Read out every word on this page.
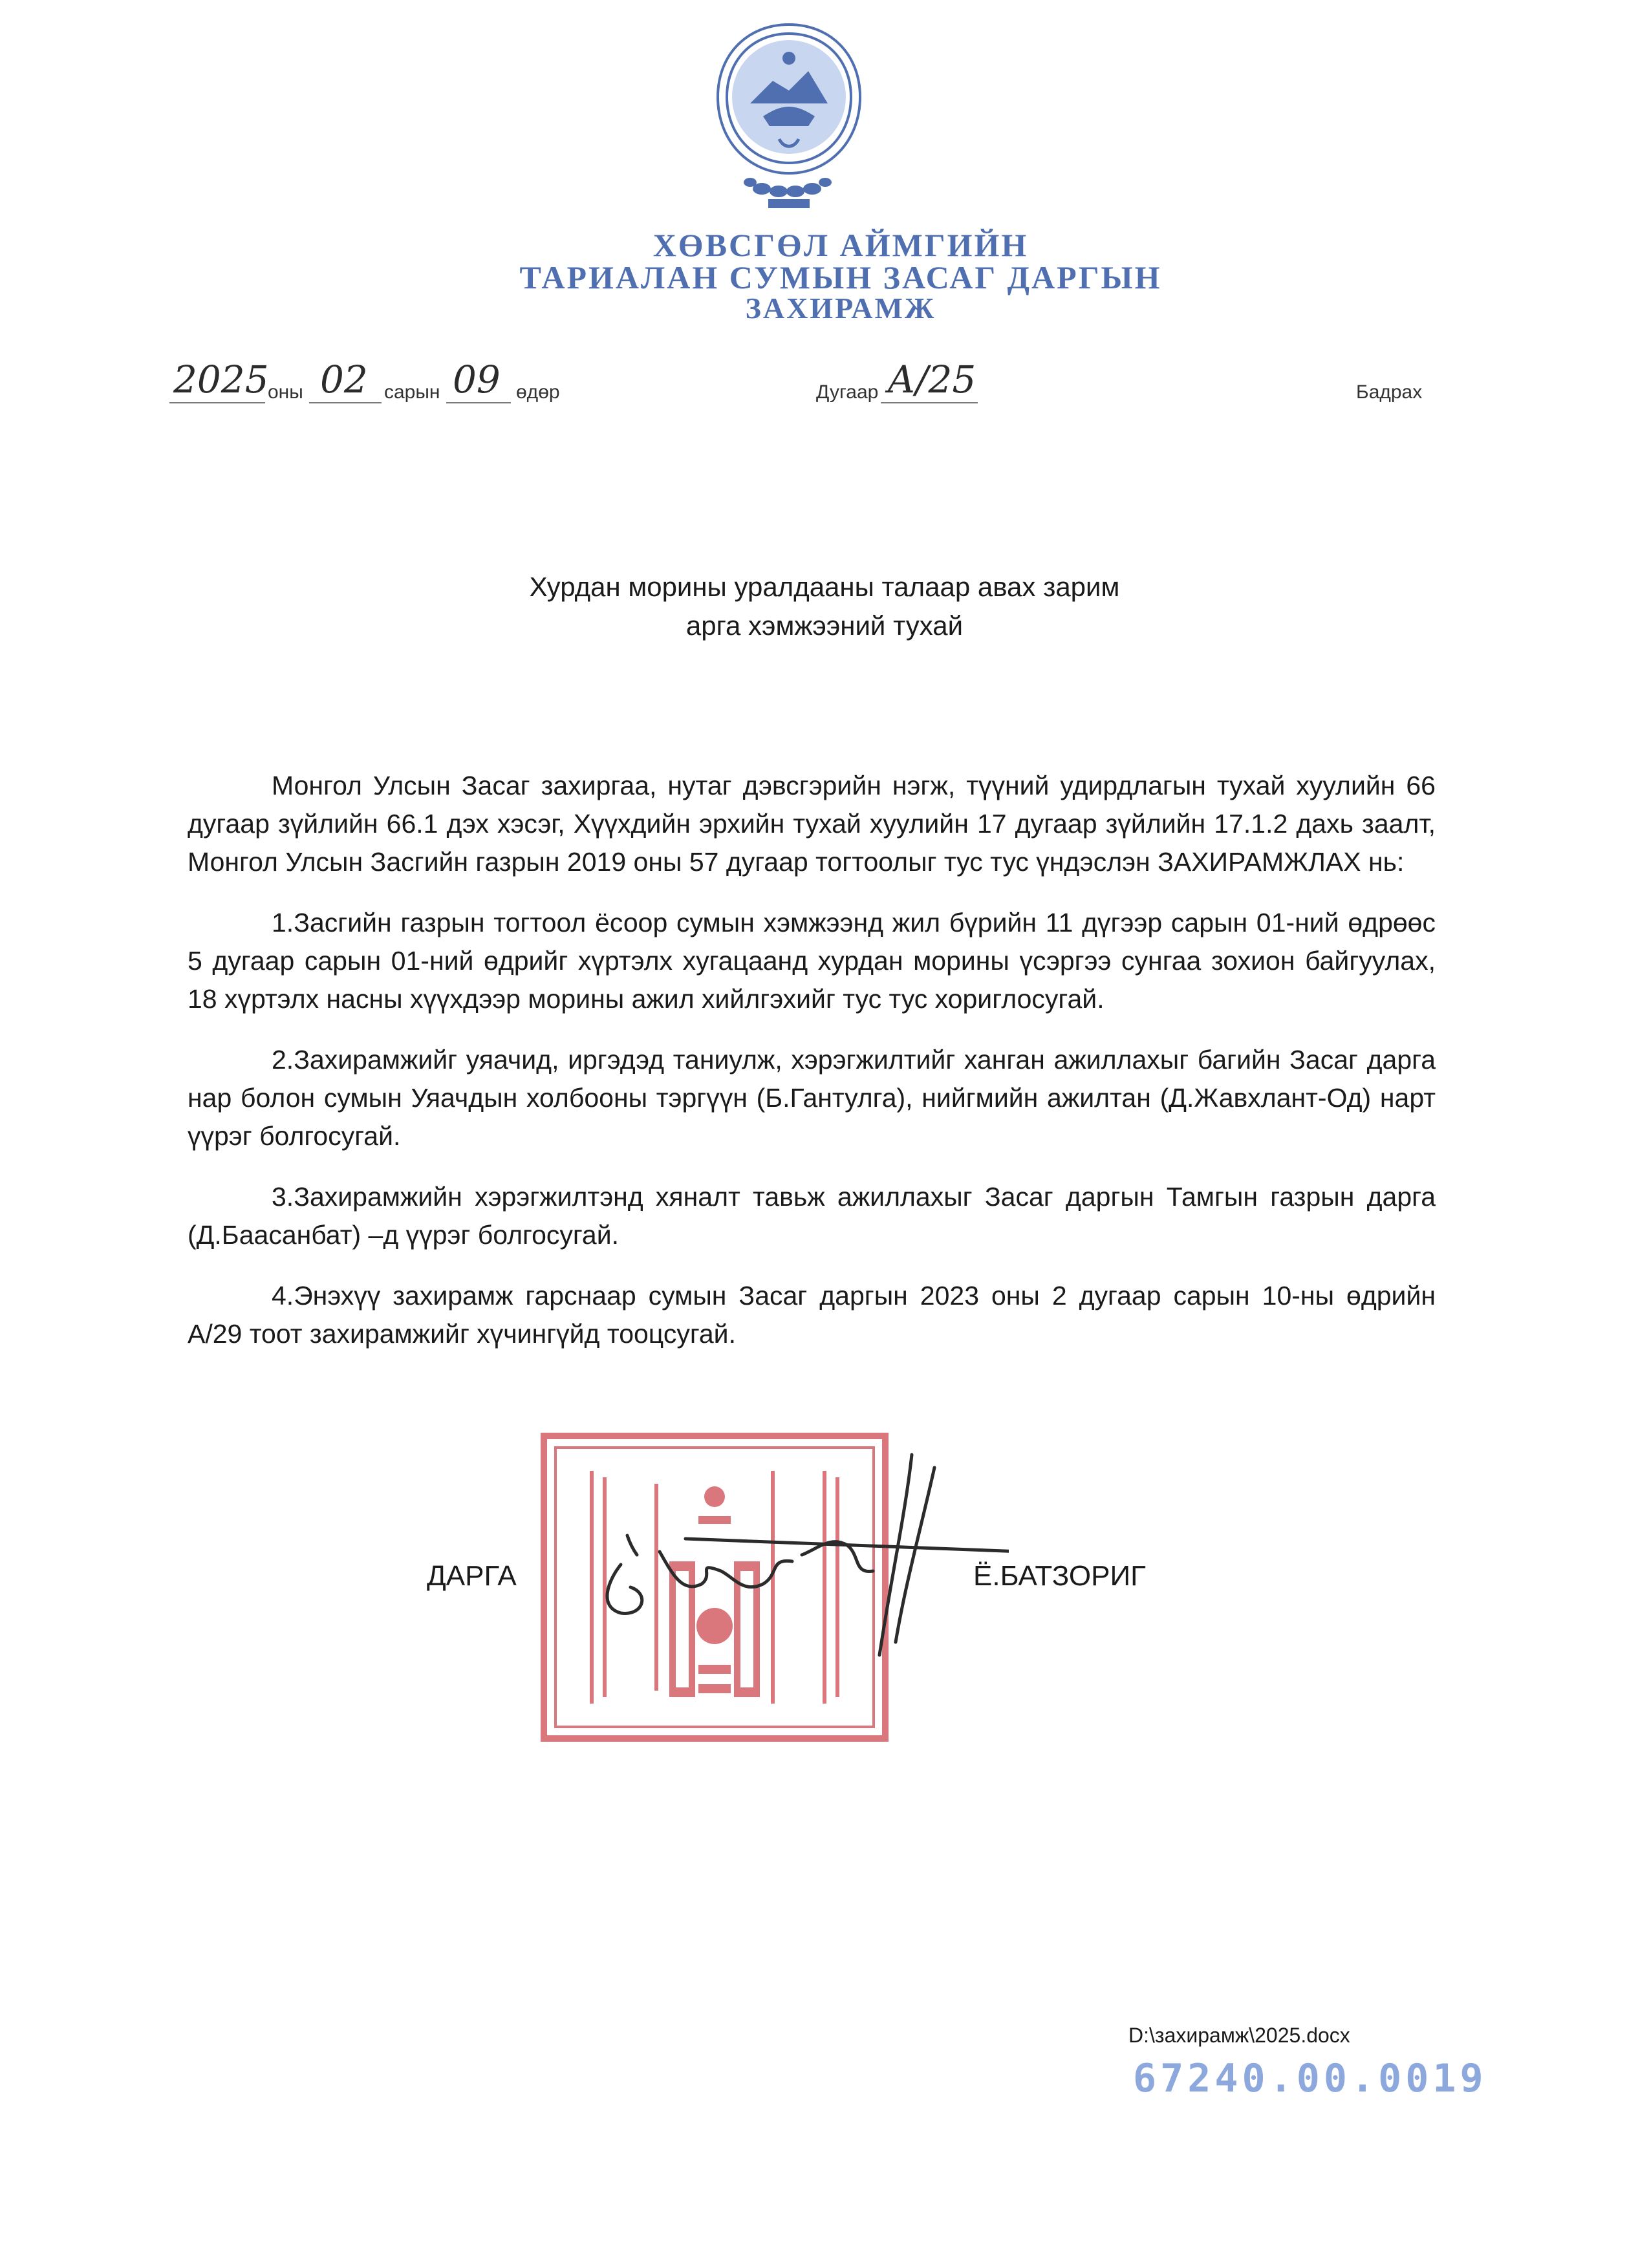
ХӨВСГӨЛ АЙМГИЙН
ТАРИАЛАН СУМЫН ЗАСАГ ДАРГЫН
ЗАХИРАМЖ
2025
оны 02 сарын 09 өдөр	Дугаар А/25	Бадрах
Хурдан морины уралдааны талаар авах зарим
арга хэмжээний тухай

Монгол Улсын Засаг захиргаа, нутаг дэвсгэрийн нэгж, түүний удирдлагын тухай хуулийн 66 дугаар зүйлийн 66.1 дэх хэсэг, Хүүхдийн эрхийн тухай хуулийн 17 дугаар зүйлийн 17.1.2 дахь заалт, Монгол Улсын Засгийн газрын 2019 оны 57 дугаар тогтоолыг тус тус үндэслэн ЗАХИРАМЖЛАХ нь:

1.Засгийн газрын тогтоол ёсоор сумын хэмжээнд жил бүрийн 11 дүгээр сарын 01-ний өдрөөс 5 дугаар сарын 01-ний өдрийг хүртэлх хугацаанд хурдан морины үсэргээ сунгаа зохион байгуулах, 18 хүртэлх насны хүүхдээр морины ажил хийлгэхийг тус тус хориглосугай.

2.Захирамжийг уяачид, иргэдэд таниулж, хэрэгжилтийг ханган ажиллахыг багийн Засаг дарга нар болон сумын Уяачдын холбооны тэргүүн (Б.Гантулга), нийгмийн ажилтан (Д.Жавхлант-Од) нарт үүрэг болгосугай.

3.Захирамжийн хэрэгжилтэнд хяналт тавьж ажиллахыг Засаг даргын Тамгын газрын дарга (Д.Баасанбат) –д үүрэг болгосугай.

4.Энэхүү захирамж гарснаар сумын Засаг даргын 2023 оны 2 дугаар сарын 10-ны өдрийн А/29 тоот захирамжийг хүчингүйд тооцсугай.

ДАРГА	Ё.БАТЗОРИГ
D:\захирамж\2025.docx
67240.00.0019
